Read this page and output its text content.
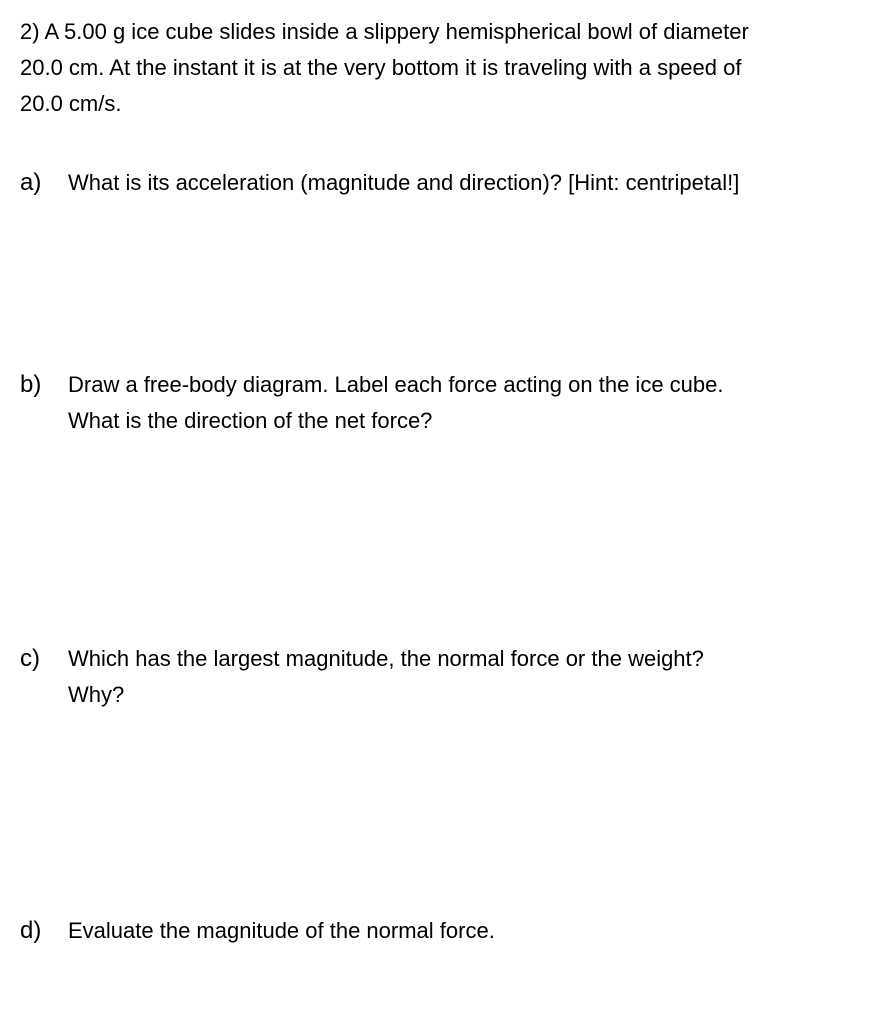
2) A 5.00 g ice cube slides inside a slippery hemispherical bowl of diameter
20.0 cm. At the instant it is at the very bottom it is traveling with a speed of
20.0 cm/s.
a) What is its acceleration (magnitude and direction)? [Hint: centripetal!]
b) Draw a free-body diagram. Label each force acting on the ice cube.
What is the direction of the net force?
c) Which has the largest magnitude, the normal force or the weight?
Why?
d) Evaluate the magnitude of the normal force.
